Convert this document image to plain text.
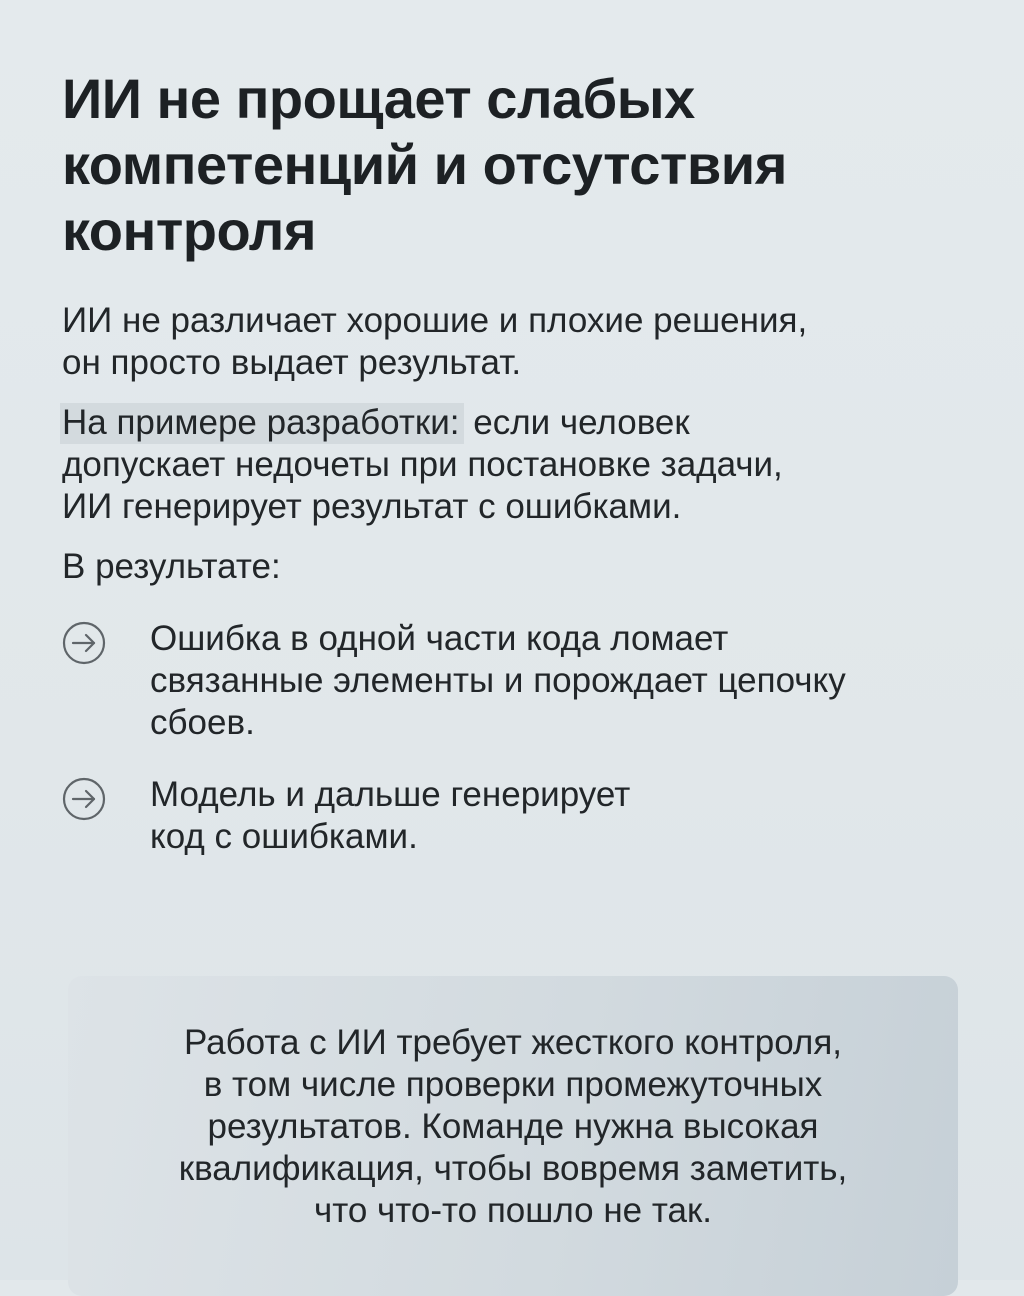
ИИ не прощает слабых
компетенций и отсутствия
контроля

ИИ не различает хорошие и плохие решения,
он просто выдает результат.

На примере разработки: если человек
допускает недочеты при постановке задачи,
ИИ генерирует результат с ошибками.

В результате:

Ошибка в одной части кода ломает
связанные элементы и порождает цепочку
сбоев.
Модель и дальше генерирует
код с ошибками.
Работа с ИИ требует жесткого контроля,
в том числе проверки промежуточных
результатов. Команде нужна высокая
квалификация, чтобы вовремя заметить,
что что-то пошло не так.
